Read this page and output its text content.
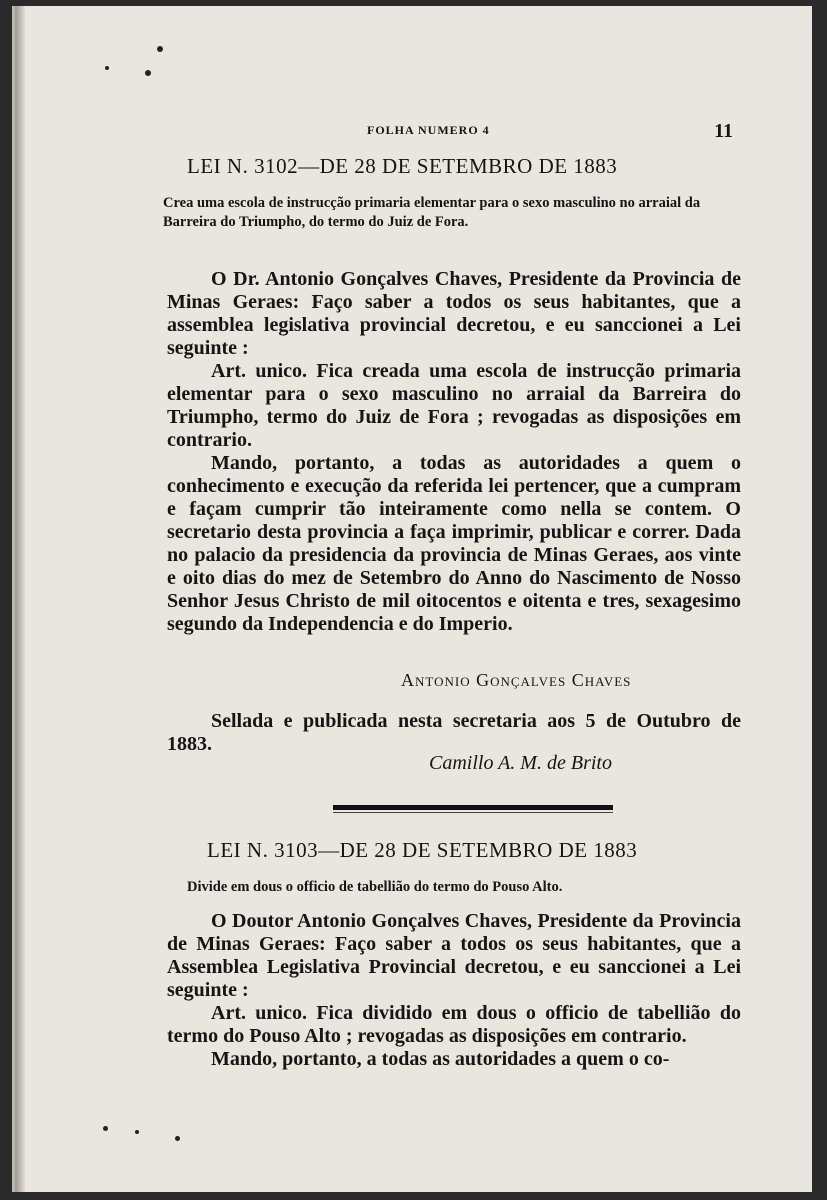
FOLHA NUMERO 4	11
LEI N. 3102—DE 28 DE SETEMBRO DE 1883
Crea uma escola de instrucção primaria elementar para o sexo masculino no arraial da Barreira do Triumpho, do termo do Juiz de Fora.

O Dr. Antonio Gonçalves Chaves, Presidente da Provincia de Minas Geraes: Faço saber a todos os seus habitantes, que a assemblea legislativa provincial decretou, e eu sanccionei a Lei seguinte :

Art. unico. Fica creada uma escola de instrucção primaria elementar para o sexo masculino no arraial da Barreira do Triumpho, termo do Juiz de Fora ; revogadas as disposições em contrario.

Mando, portanto, a todas as autoridades a quem o conhecimento e execução da referida lei pertencer, que a cumpram e façam cumprir tão inteiramente como nella se contem. O secretario desta provincia a faça imprimir, publicar e correr. Dada no palacio da presidencia da provincia de Minas Geraes, aos vinte e oito dias do mez de Setembro do Anno do Nascimento de Nosso Senhor Jesus Christo de mil oitocentos e oitenta e tres, sexagesimo segundo da Independencia e do Imperio.

Antonio Gonçalves Chaves

Sellada e publicada nesta secretaria aos 5 de Outubro de 1883.

Camillo A. M. de Brito
LEI N. 3103—DE 28 DE SETEMBRO DE 1883
Divide em dous o officio de tabellião do termo do Pouso Alto.

O Doutor Antonio Gonçalves Chaves, Presidente da Provincia de Minas Geraes: Faço saber a todos os seus habitantes, que a Assemblea Legislativa Provincial decretou, e eu sanccionei a Lei seguinte :

Art. unico. Fica dividido em dous o officio de tabellião do termo do Pouso Alto ; revogadas as disposições em contrario.

Mando, portanto, a todas as autoridades a quem o co-
